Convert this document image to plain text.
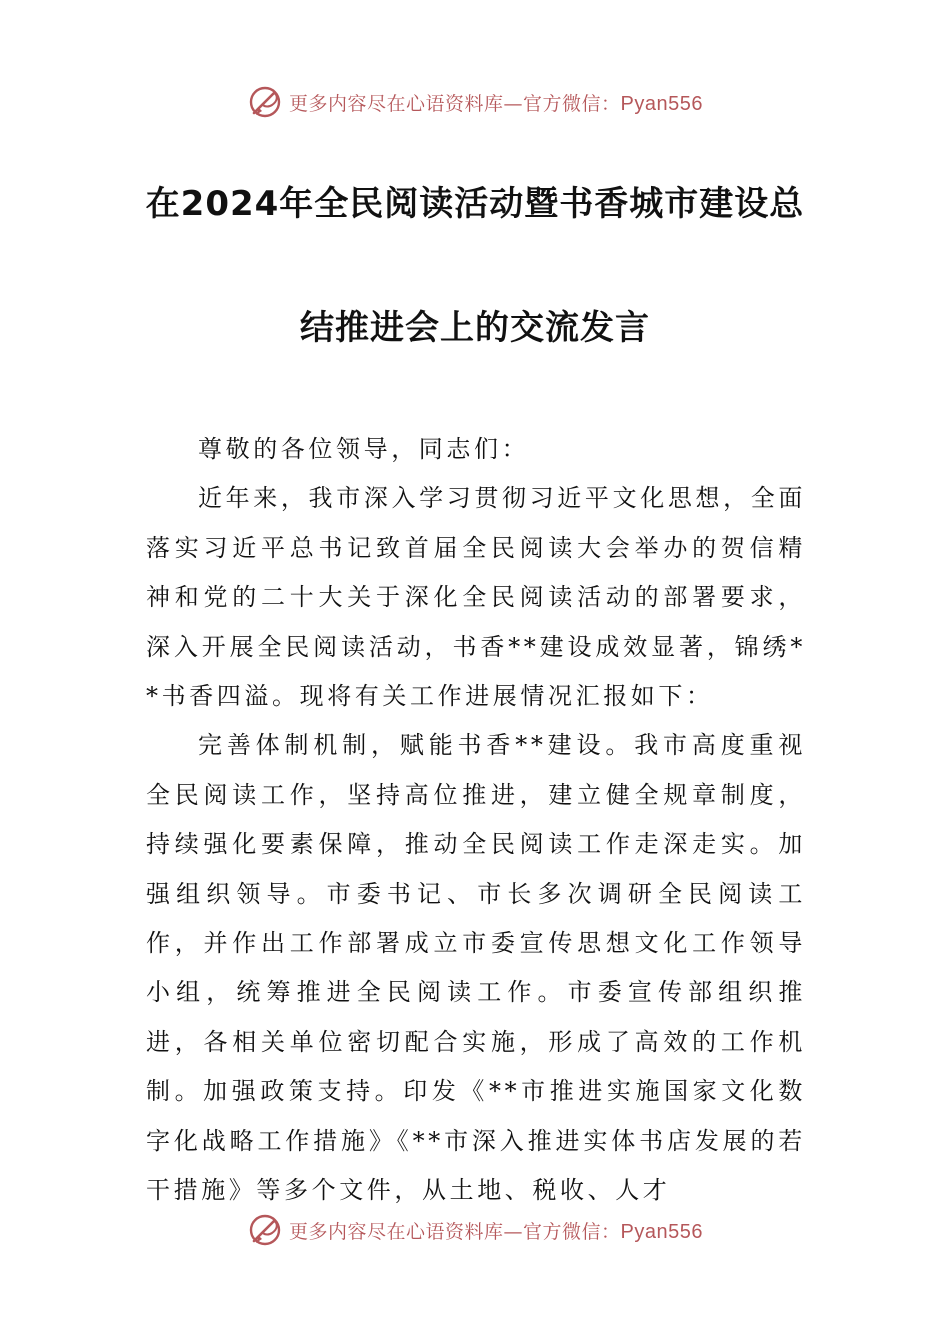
更多内容尽在心语资料库—官方微信：Pyan556
在2024年全民阅读活动暨书香城市建设总
结推进会上的交流发言

尊敬的各位领导，同志们：

近年来，我市深入学习贯彻习近平文化思想，全面落实习近平总书记致首届全民阅读大会举办的贺信精神和党的二十大关于深化全民阅读活动的部署要求，深入开展全民阅读活动，书香**建设成效显著，锦绣**书香四溢。现将有关工作进展情况汇报如下：

完善体制机制，赋能书香**建设。我市高度重视全民阅读工作，坚持高位推进，建立健全规章制度，持续强化要素保障，推动全民阅读工作走深走实。加强组织领导。市委书记、市长多次调研全民阅读工作，并作出工作部署成立市委宣传思想文化工作领导小组，统筹推进全民阅读工作。市委宣传部组织推进，各相关单位密切配合实施，形成了高效的工作机制。加强政策支持。印发《**市推进实施国家文化数字化战略工作措施》《**市深入推进实体书店发展的若干措施》等多个文件，从土地、税收、人才

更多内容尽在心语资料库—官方微信：Pyan556
